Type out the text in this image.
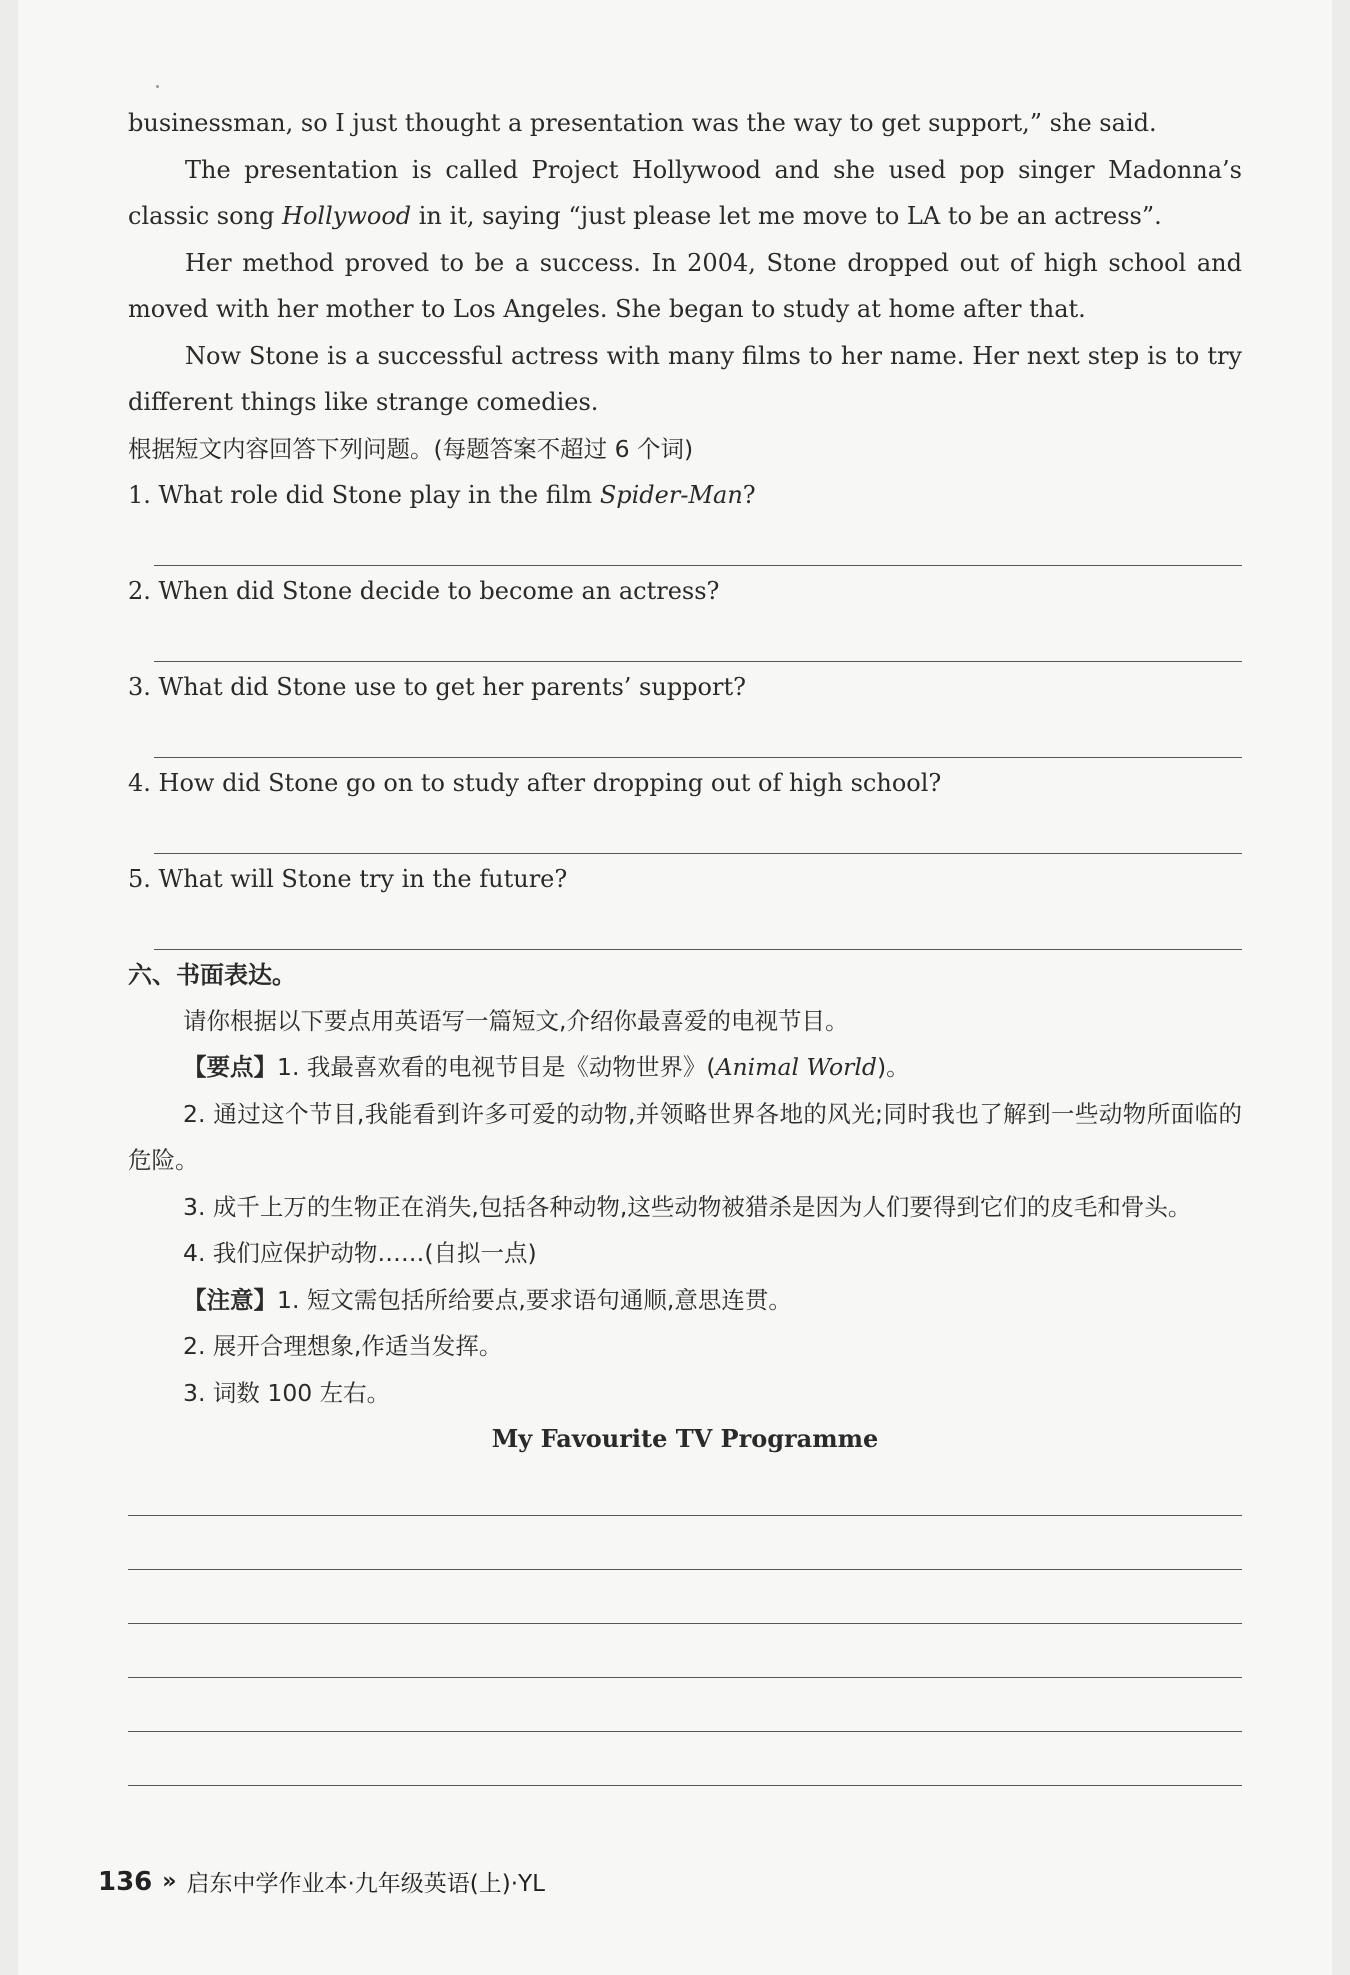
businessman, so I just thought a presentation was the way to get support,” she said.

The presentation is called Project Hollywood and she used pop singer Madonna’s classic song Hollywood in it, saying “just please let me move to LA to be an actress”.

Her method proved to be a success. In 2004, Stone dropped out of high school and moved with her mother to Los Angeles. She began to study at home after that.

Now Stone is a successful actress with many films to her name. Her next step is to try different things like strange comedies.

根据短文内容回答下列问题。(每题答案不超过 6 个词)

1. What role did Stone play in the film Spider-Man?

2. When did Stone decide to become an actress?

3. What did Stone use to get her parents’ support?

4. How did Stone go on to study after dropping out of high school?

5. What will Stone try in the future?

六、书面表达。

请你根据以下要点用英语写一篇短文,介绍你最喜爱的电视节目。

【要点】1. 我最喜欢看的电视节目是《动物世界》(Animal World)。

2. 通过这个节目,我能看到许多可爱的动物,并领略世界各地的风光;同时我也了解到一些动物所面临的危险。

3. 成千上万的生物正在消失,包括各种动物,这些动物被猎杀是因为人们要得到它们的皮毛和骨头。

4. 我们应保护动物……(自拟一点)

【注意】1. 短文需包括所给要点,要求语句通顺,意思连贯。

2. 展开合理想象,作适当发挥。

3. 词数 100 左右。

My Favourite TV Programme

136 » 启东中学作业本·九年级英语(上)·YL
